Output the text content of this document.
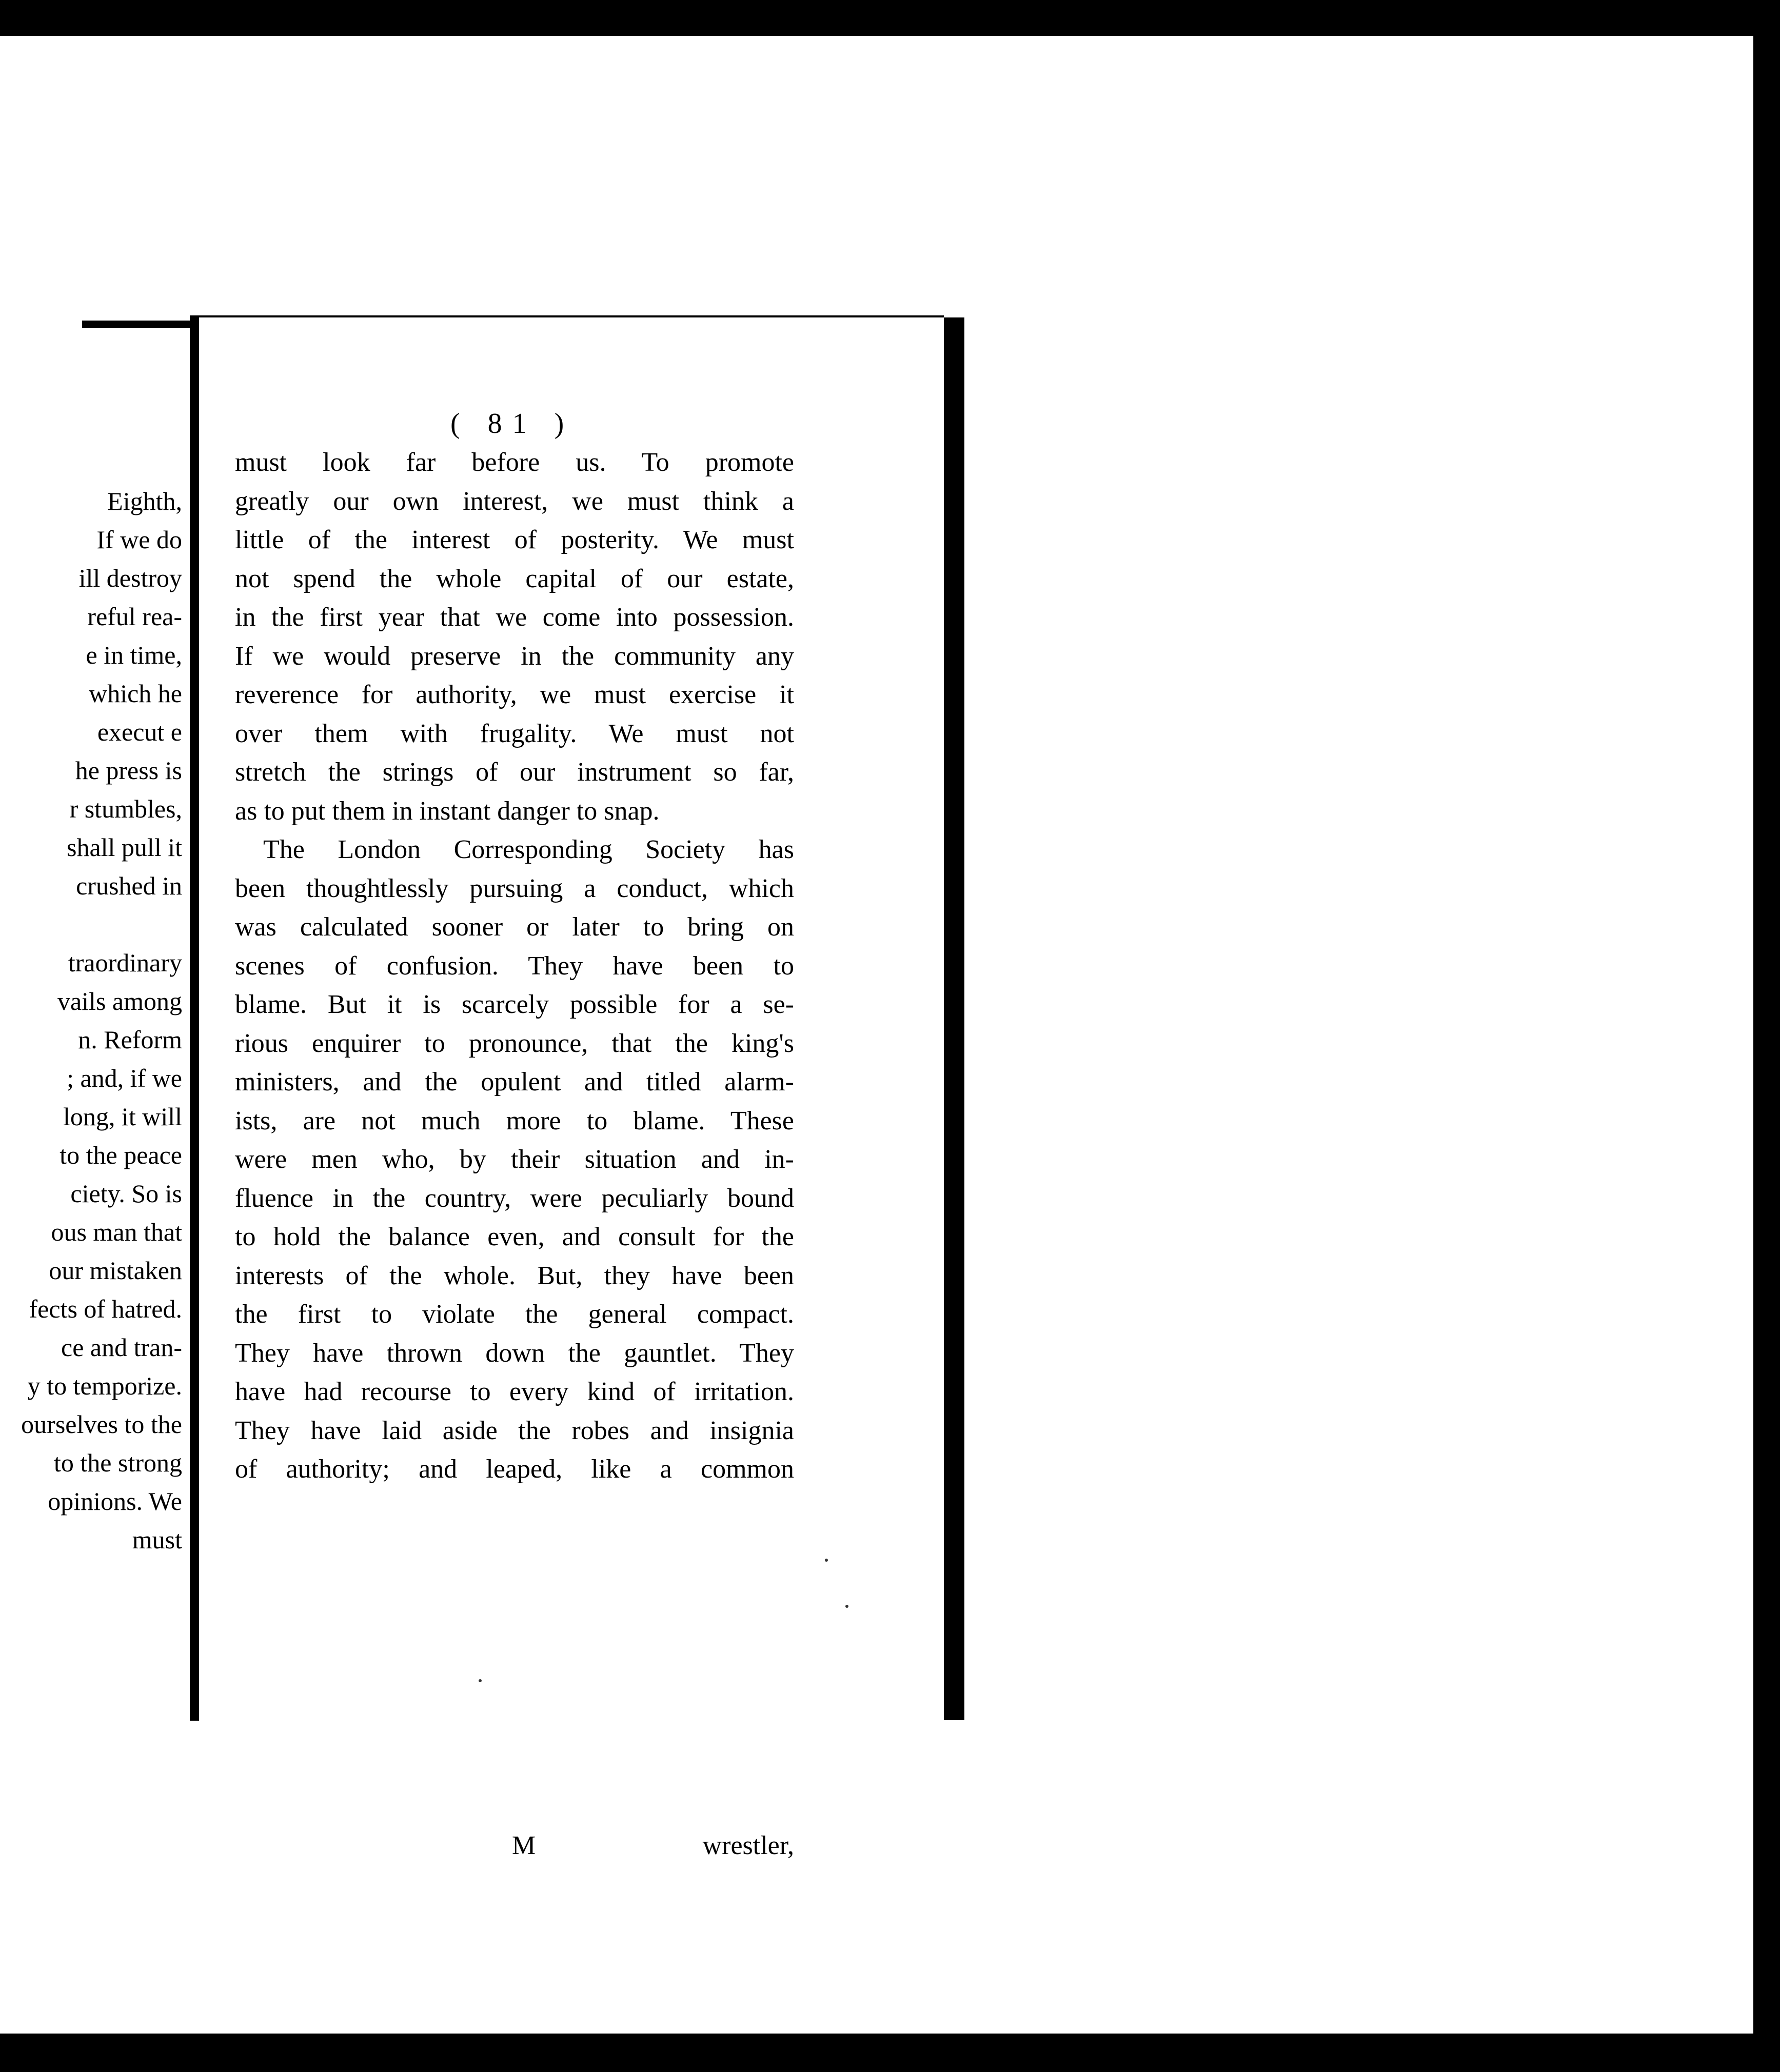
Eighth,
If we do
ill destroy
reful rea-
e in time,
which he
execut e
he press is
r stumbles,
shall pull it
crushed in

traordinary
vails among
n. Reform
; and, if we
long, it will
to the peace
ciety. So is
ous man that
our mistaken
fects of hatred.
ce and tran-
y to temporize.
ourselves to the
to the strong
opinions. We
must
( 81 )
must look far before us. To promote
greatly our own interest, we must think a
little of the interest of posterity. We must
not spend the whole capital of our estate,
in the first year that we come into possession.
If we would preserve in the community any
reverence for authority, we must exercise it
over them with frugality. We must not
stretch the strings of our instrument so far,
as to put them in instant danger to snap.
The London Corresponding Society has
been thoughtlessly pursuing a conduct, which
was calculated sooner or later to bring on
scenes of confusion. They have been to
blame. But it is scarcely possible for a se-
rious enquirer to pronounce, that the king's
ministers, and the opulent and titled alarm-
ists, are not much more to blame. These
were men who, by their situation and in-
fluence in the country, were peculiarly bound
to hold the balance even, and consult for the
interests of the whole. But, they have been
the first to violate the general compact.
They have thrown down the gauntlet. They
have had recourse to every kind of irritation.
They have laid aside the robes and insignia
of authority; and leaped, like a common
M	wrestler,
